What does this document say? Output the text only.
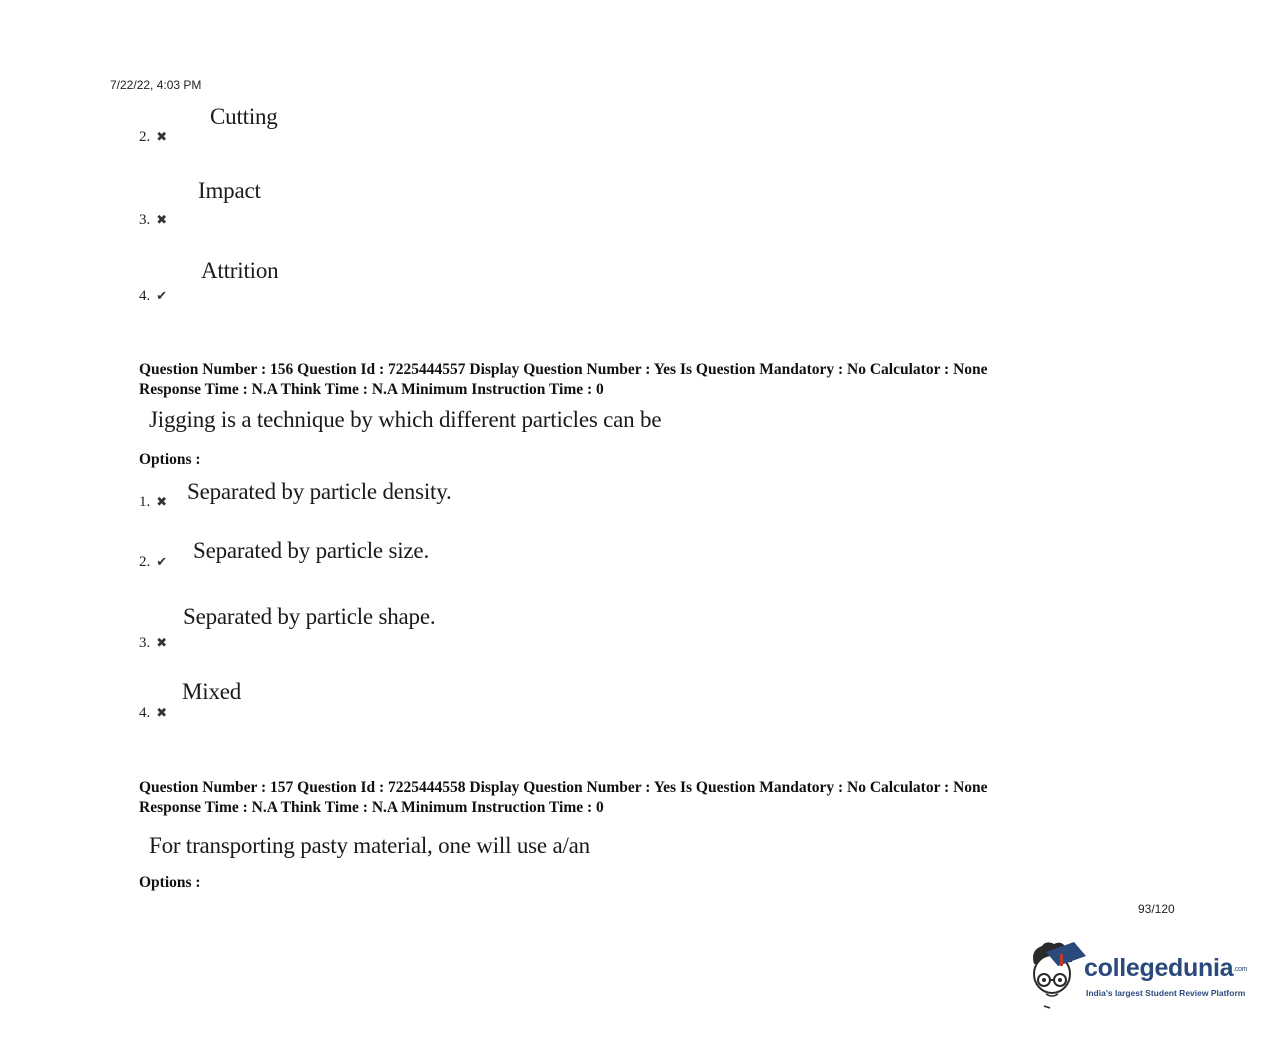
7/22/22, 4:03 PM
2. ✖
Cutting
3. ✖
Impact
4. ✔
Attrition
Question Number : 156 Question Id : 7225444557 Display Question Number : Yes Is Question Mandatory : No Calculator : None
Response Time : N.A Think Time : N.A Minimum Instruction Time : 0
Jigging is a technique by which different particles can be
Options :
1. ✖ Separated by particle density.
2. ✔ Separated by particle size.
3. ✖
Separated by particle shape.
4. ✖
Mixed
Question Number : 157 Question Id : 7225444558 Display Question Number : Yes Is Question Mandatory : No Calculator : None
Response Time : N.A Think Time : N.A Minimum Instruction Time : 0
For transporting pasty material, one will use a/an
Options :
93/120
collegedunia.com
India's largest Student Review Platform
